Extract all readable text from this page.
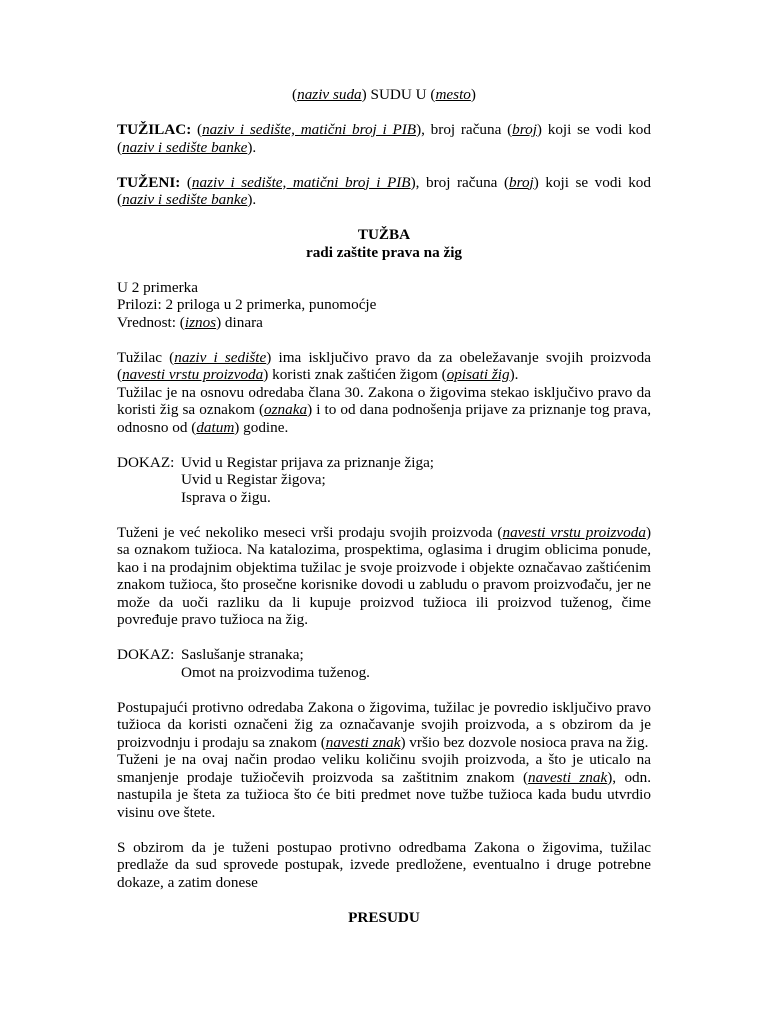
(naziv suda) SUDU U (mesto)

TUŽILAC: (naziv i sedište, matični broj i PIB), broj računa (broj) koji se vodi kod (naziv i sedište banke).

TUŽENI: (naziv i sedište, matični broj i PIB), broj računa (broj) koji se vodi kod (naziv i sedište banke).

TUŽBA

radi zaštite prava na žig

U 2 primerka

Prilozi: 2 priloga u 2 primerka, punomoćje

Vrednost: (iznos) dinara

Tužilac (naziv i sedište) ima isključivo pravo da za obeležavanje svojih proizvoda (navesti vrstu proizvoda) koristi znak zaštićen žigom (opisati žig).

Tužilac je na osnovu odredaba člana 30. Zakona o žigovima stekao isključivo pravo da koristi žig sa oznakom (oznaka) i to od dana podnošenja prijave za priznanje tog prava, odnosno od (datum) godine.

DOKAZ: Uvid u Registar prijava za priznanje žiga;

Uvid u Registar žigova;

Isprava o žigu.

Tuženi je već nekoliko meseci vrši prodaju svojih proizvoda (navesti vrstu proizvoda) sa oznakom tužioca. Na katalozima, prospektima, oglasima i drugim oblicima ponude, kao i na prodajnim objektima tužilac je svoje proizvode i objekte označavao zaštićenim znakom tužioca, što prosečne korisnike dovodi u zabludu o pravom proizvođaču, jer ne može da uoči razliku da li kupuje proizvod tužioca ili proizvod tuženog, čime povređuje pravo tužioca na žig.

DOKAZ: Saslušanje stranaka;

Omot na proizvodima tuženog.

Postupajući protivno odredaba Zakona o žigovima, tužilac je povredio isključivo pravo tužioca da koristi označeni žig za označavanje svojih proizvoda, a s obzirom da je proizvodnju i prodaju sa znakom (navesti znak) vršio bez dozvole nosioca prava na žig.

Tuženi je na ovaj način prodao veliku količinu svojih proizvoda, a što je uticalo na smanjenje prodaje tužiočevih proizvoda sa zaštitnim znakom (navesti znak), odn. nastupila je šteta za tužioca što će biti predmet nove tužbe tužioca kada budu utvrdio visinu ove štete.

S obzirom da je tuženi postupao protivno odredbama Zakona o žigovima, tužilac predlaže da sud sprovede postupak, izvede predložene, eventualno i druge potrebne dokaze, a zatim donese

PRESUDU
